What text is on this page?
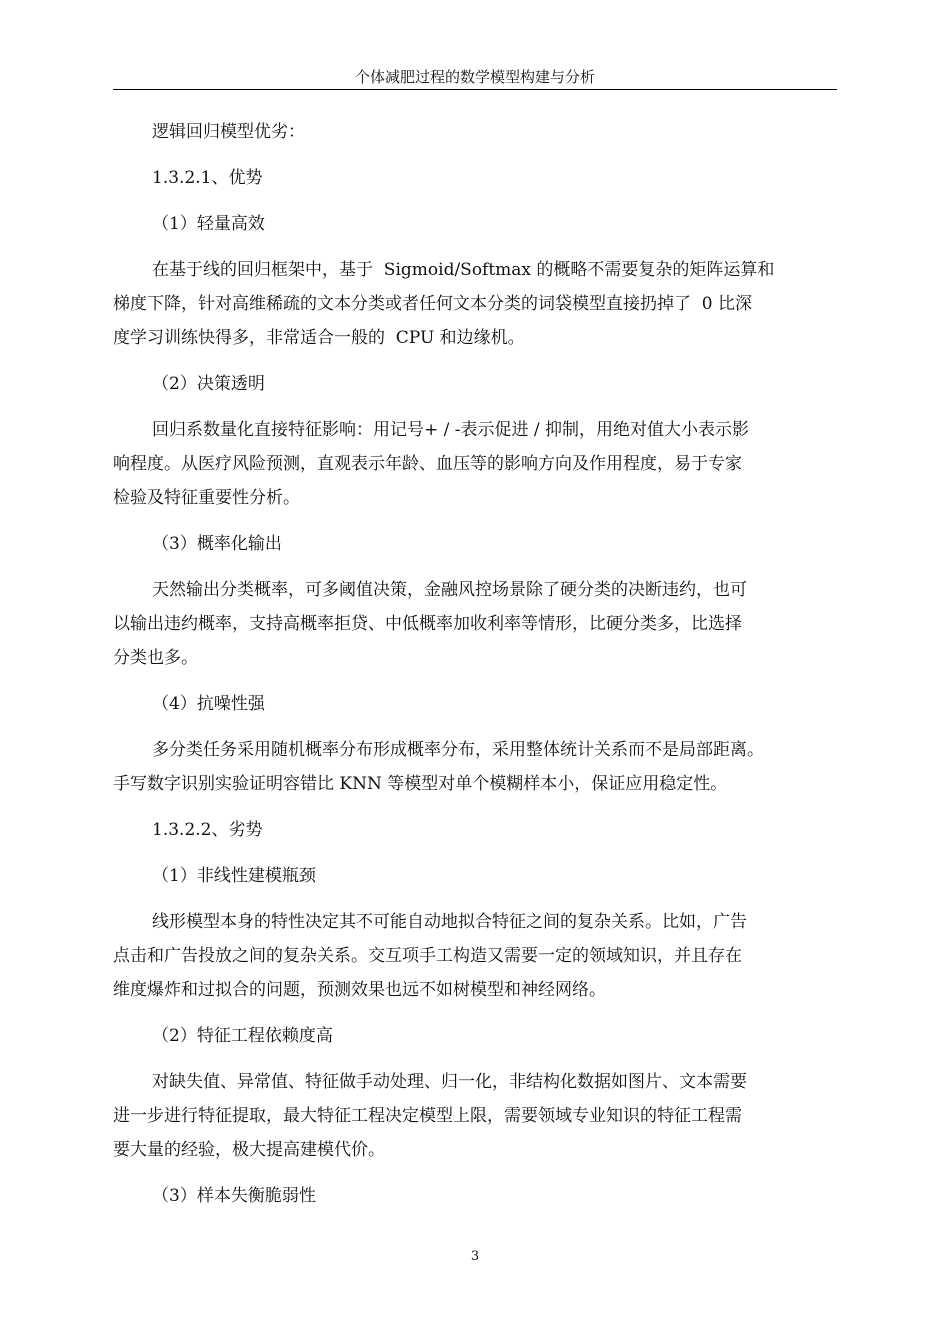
个体减肥过程的数学模型构建与分析
逻辑回归模型优劣：
1.3.2.1、优势
（1）轻量高效
在基于线的回归框架中，基于  Sigmoid/Softmax 的概略不需要复杂的矩阵运算和
梯度下降，针对高维稀疏的文本分类或者任何文本分类的词袋模型直接扔掉了  0 比深
度学习训练快得多，非常适合一般的  CPU 和边缘机。
（2）决策透明
回归系数量化直接特征影响：用记号+ / -表示促进 / 抑制，用绝对值大小表示影
响程度。从医疗风险预测，直观表示年龄、血压等的影响方向及作用程度，易于专家
检验及特征重要性分析。
（3）概率化输出
天然输出分类概率，可多阈值决策，金融风控场景除了硬分类的决断违约，也可
以输出违约概率，支持高概率拒贷、中低概率加收利率等情形，比硬分类多，比选择
分类也多。
（4）抗噪性强
多分类任务采用随机概率分布形成概率分布，采用整体统计关系而不是局部距离。
手写数字识别实验证明容错比 KNN 等模型对单个模糊样本小，保证应用稳定性。
1.3.2.2、劣势
（1）非线性建模瓶颈
线形模型本身的特性决定其不可能自动地拟合特征之间的复杂关系。比如，广告
点击和广告投放之间的复杂关系。交互项手工构造又需要一定的领域知识，并且存在
维度爆炸和过拟合的问题，预测效果也远不如树模型和神经网络。
（2）特征工程依赖度高
对缺失值、异常值、特征做手动处理、归一化，非结构化数据如图片、文本需要
进一步进行特征提取，最大特征工程决定模型上限，需要领域专业知识的特征工程需
要大量的经验，极大提高建模代价。
（3）样本失衡脆弱性
3
